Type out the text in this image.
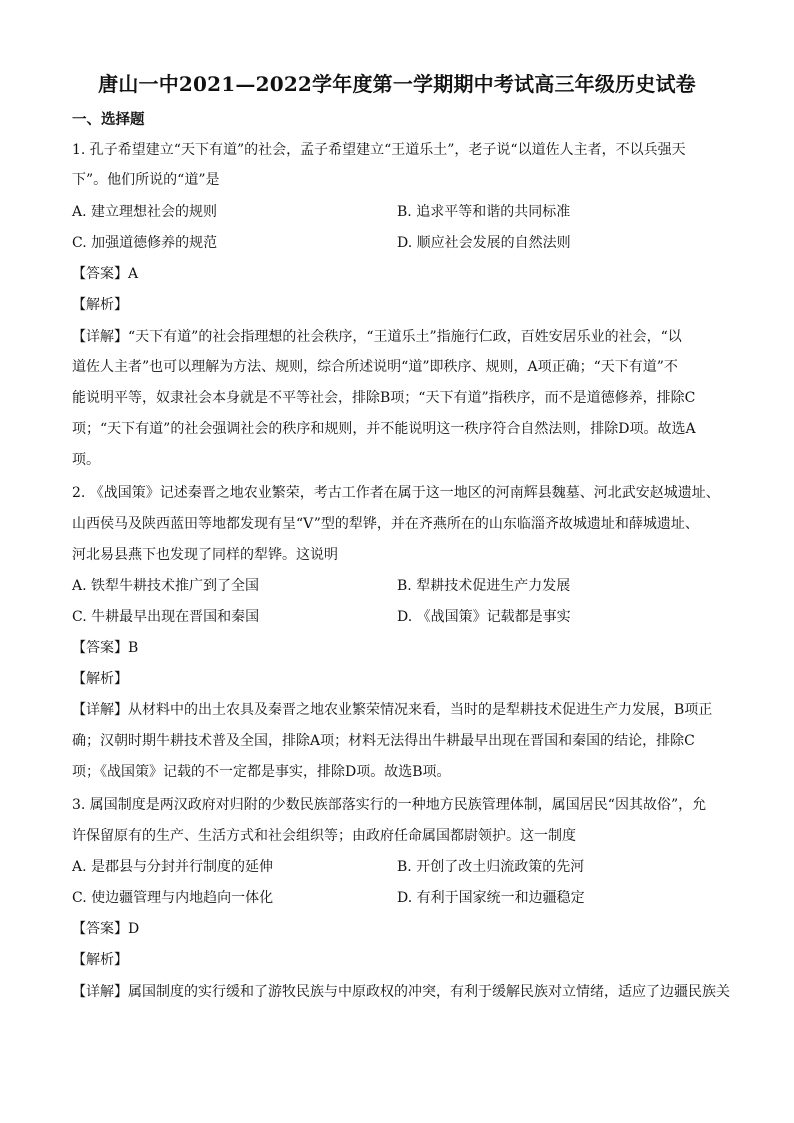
唐山一中2021—2022学年度第一学期期中考试高三年级历史试卷
一、选择题
1. 孔子希望建立“天下有道”的社会，孟子希望建立“王道乐土”，老子说“以道佐人主者，不以兵强天
下”。他们所说的“道”是
A. 建立理想社会的规则	B. 追求平等和谐的共同标准
C. 加强道德修养的规范	D. 顺应社会发展的自然法则
【答案】A
【解析】
【详解】“天下有道”的社会指理想的社会秩序，“王道乐土”指施行仁政，百姓安居乐业的社会，“以
道佐人主者”也可以理解为方法、规则，综合所述说明“道”即秩序、规则，A项正确；“天下有道”不
能说明平等，奴隶社会本身就是不平等社会，排除B项；“天下有道”指秩序，而不是道德修养，排除C
项；“天下有道”的社会强调社会的秩序和规则，并不能说明这一秩序符合自然法则，排除D项。故选A
项。
2. 《战国策》记述秦晋之地农业繁荣，考古工作者在属于这一地区的河南辉县魏墓、河北武安赵城遗址、
山西侯马及陕西蓝田等地都发现有呈“V”型的犁铧，并在齐燕所在的山东临淄齐故城遗址和薛城遗址、
河北易县燕下也发现了同样的犁铧。这说明
A. 铁犁牛耕技术推广到了全国	B. 犁耕技术促进生产力发展
C. 牛耕最早出现在晋国和秦国	D. 《战国策》记载都是事实
【答案】B
【解析】
【详解】从材料中的出土农具及秦晋之地农业繁荣情况来看，当时的是犁耕技术促进生产力发展，B项正
确；汉朝时期牛耕技术普及全国，排除A项；材料无法得出牛耕最早出现在晋国和秦国的结论，排除C
项；《战国策》记载的不一定都是事实，排除D项。故选B项。
3. 属国制度是两汉政府对归附的少数民族部落实行的一种地方民族管理体制，属国居民“因其故俗”，允
许保留原有的生产、生活方式和社会组织等；由政府任命属国都尉领护。这一制度
A. 是郡县与分封并行制度的延伸	B. 开创了改土归流政策的先河
C. 使边疆管理与内地趋向一体化	D. 有利于国家统一和边疆稳定
【答案】D
【解析】
【详解】属国制度的实行缓和了游牧民族与中原政权的冲突，有利于缓解民族对立情绪，适应了边疆民族关
